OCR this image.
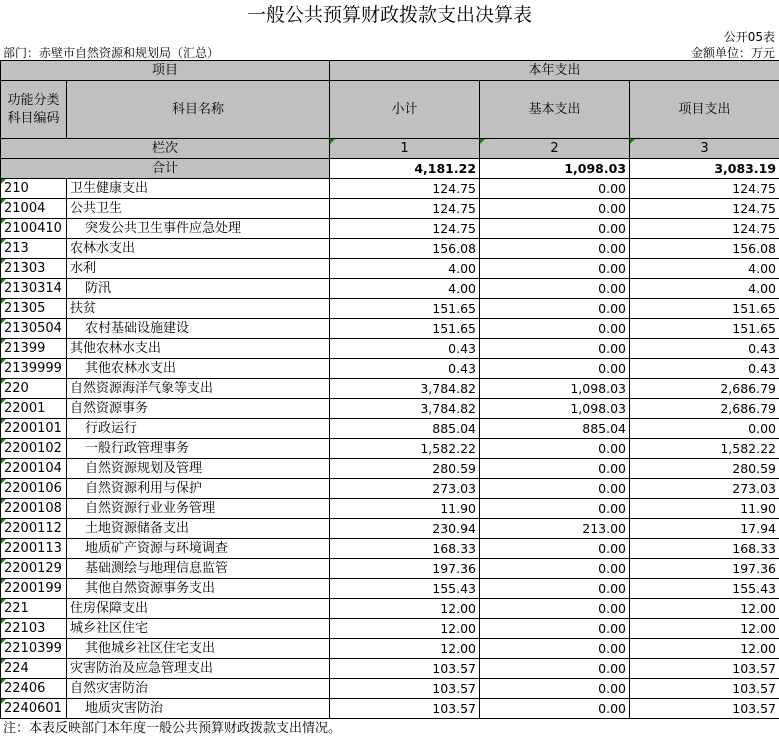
一般公共预算财政拨款支出决算表
公开05表
部门：赤壁市自然资源和规划局（汇总）	金额单位：万元
项目		本年支出		
功能分类科目编码	科目名称	小计	基本支出	项目支出
栏次		1	2	3
合计		4,181.22	1,098.03	3,083.19
210	卫生健康支出	124.75	0.00	124.75
21004	公共卫生	124.75	0.00	124.75
2100410	突发公共卫生事件应急处理	124.75	0.00	124.75
213	农林水支出	156.08	0.00	156.08
21303	水利	4.00	0.00	4.00
2130314	防汛	4.00	0.00	4.00
21305	扶贫	151.65	0.00	151.65
2130504	农村基础设施建设	151.65	0.00	151.65
21399	其他农林水支出	0.43	0.00	0.43
2139999	其他农林水支出	0.43	0.00	0.43
220	自然资源海洋气象等支出	3,784.82	1,098.03	2,686.79
22001	自然资源事务	3,784.82	1,098.03	2,686.79
2200101	行政运行	885.04	885.04	0.00
2200102	一般行政管理事务	1,582.22	0.00	1,582.22
2200104	自然资源规划及管理	280.59	0.00	280.59
2200106	自然资源利用与保护	273.03	0.00	273.03
2200108	自然资源行业业务管理	11.90	0.00	11.90
2200112	土地资源储备支出	230.94	213.00	17.94
2200113	地质矿产资源与环境调查	168.33	0.00	168.33
2200129	基础测绘与地理信息监管	197.36	0.00	197.36
2200199	其他自然资源事务支出	155.43	0.00	155.43
221	住房保障支出	12.00	0.00	12.00
22103	城乡社区住宅	12.00	0.00	12.00
2210399	其他城乡社区住宅支出	12.00	0.00	12.00
224	灾害防治及应急管理支出	103.57	0.00	103.57
22406	自然灾害防治	103.57	0.00	103.57
2240601	地质灾害防治	103.57	0.00	103.57
注：本表反映部门本年度一般公共预算财政拨款支出情况。
